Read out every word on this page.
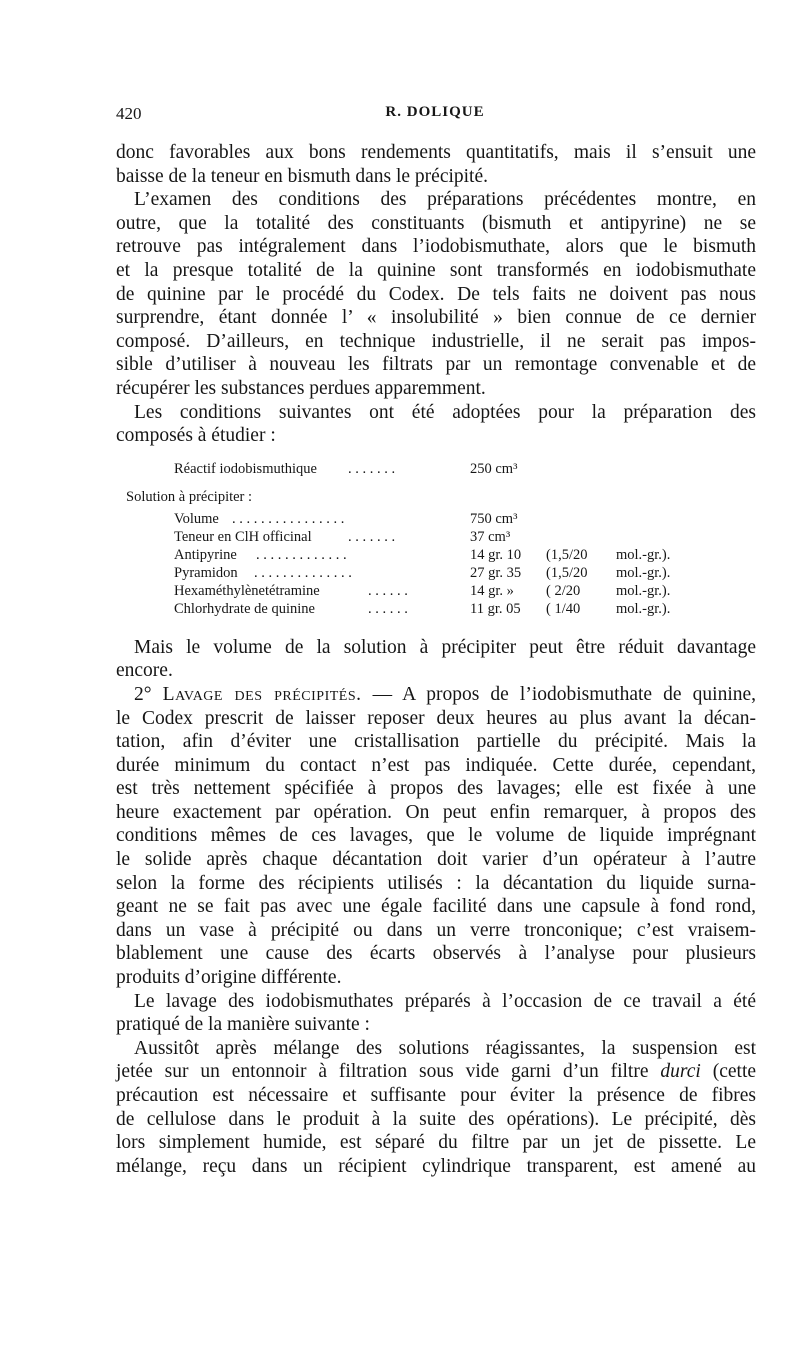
420	R. DOLIQUE

donc favorables aux bons rendements quantitatifs, mais il s’ensuit une

baisse de la teneur en bismuth dans le précipité.

L’examen des conditions des préparations précédentes montre, en

outre, que la totalité des constituants (bismuth et antipyrine) ne se

retrouve pas intégralement dans l’iodobismuthate, alors que le bismuth

et la presque totalité de la quinine sont transformés en iodobismuthate

de quinine par le procédé du Codex. De tels faits ne doivent pas nous

surprendre, étant donnée l’ « insolubilité » bien connue de ce dernier

composé. D’ailleurs, en technique industrielle, il ne serait pas impos-

sible d’utiliser à nouveau les filtrats par un remontage convenable et de

récupérer les substances perdues apparemment.

Les conditions suivantes ont été adoptées pour la préparation des

composés à étudier :

Réactif iodobismuthique . . . . . . .	250 cm³
Solution à précipiter :
Volume . . . . . . . . . . . . . . . .	750 cm³
Teneur en ClH officinal	. . . . . . .	37 cm³
Antipyrine . . . . . . . . . . . . .	14 gr. 10 (1,5/20 mol.-gr.).
Pyramidon . . . . . . . . . . . . . .	27 gr. 35 (1,5/20 mol.-gr.).
Hexaméthylènetétramine	. . . . . .	14 gr. » ( 2/20 mol.-gr.).
Chlorhydrate de quinine	. . . . . .	11 gr. 05 ( 1/40 mol.-gr.).

Mais le volume de la solution à précipiter peut être réduit davantage

encore.

2° Lavage des précipités. — A propos de l’iodobismuthate de quinine,

le Codex prescrit de laisser reposer deux heures au plus avant la décan-

tation, afin d’éviter une cristallisation partielle du précipité. Mais la

durée minimum du contact n’est pas indiquée. Cette durée, cependant,

est très nettement spécifiée à propos des lavages; elle est fixée à une

heure exactement par opération. On peut enfin remarquer, à propos des

conditions mêmes de ces lavages, que le volume de liquide imprégnant

le solide après chaque décantation doit varier d’un opérateur à l’autre

selon la forme des récipients utilisés : la décantation du liquide surna-

geant ne se fait pas avec une égale facilité dans une capsule à fond rond,

dans un vase à précipité ou dans un verre tronconique; c’est vraisem-

blablement une cause des écarts observés à l’analyse pour plusieurs

produits d’origine différente.

Le lavage des iodobismuthates préparés à l’occasion de ce travail a été

pratiqué de la manière suivante :

Aussitôt après mélange des solutions réagissantes, la suspension est

jetée sur un entonnoir à filtration sous vide garni d’un filtre durci (cette

précaution est nécessaire et suffisante pour éviter la présence de fibres

de cellulose dans le produit à la suite des opérations). Le précipité, dès

lors simplement humide, est séparé du filtre par un jet de pissette. Le

mélange, reçu dans un récipient cylindrique transparent, est amené au
